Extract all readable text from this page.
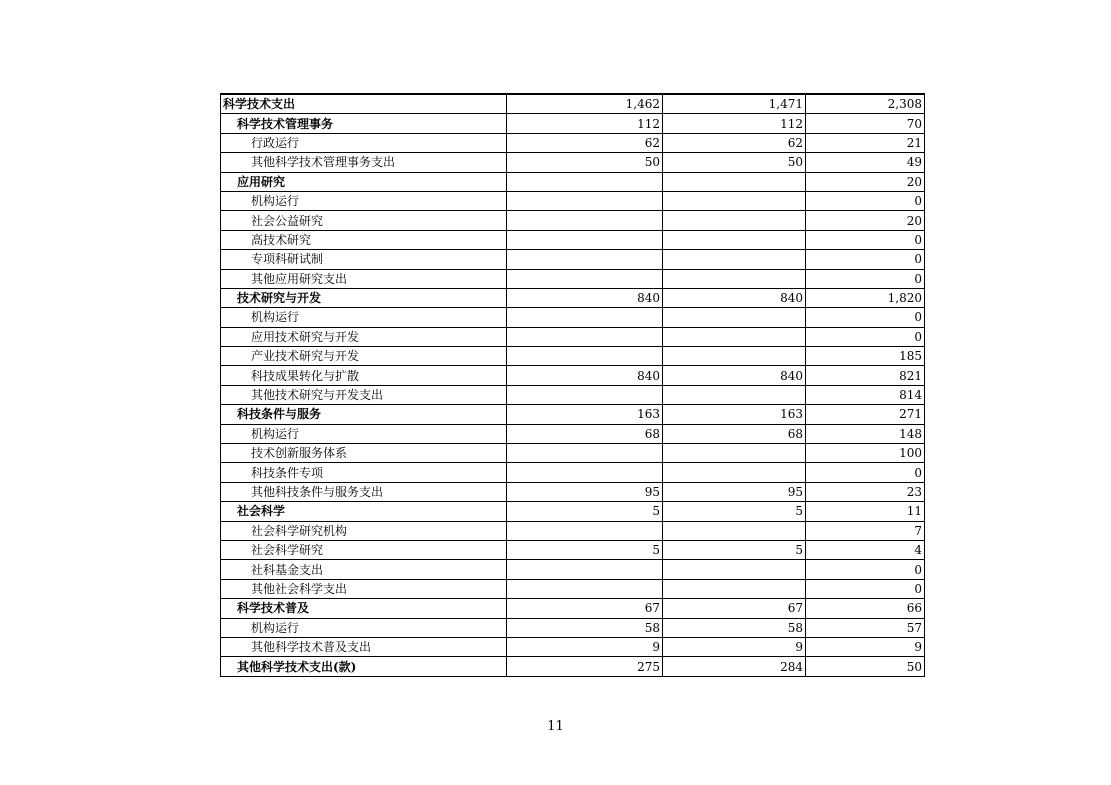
科学技术支出	1,462	1,471	2,308
科学技术管理事务	112	112	70
行政运行	62	62	21
其他科学技术管理事务支出	50	50	49
应用研究			20
机构运行			0
社会公益研究			20
高技术研究			0
专项科研试制			0
其他应用研究支出			0
技术研究与开发	840	840	1,820
机构运行			0
应用技术研究与开发			0
产业技术研究与开发			185
科技成果转化与扩散	840	840	821
其他技术研究与开发支出			814
科技条件与服务	163	163	271
机构运行	68	68	148
技术创新服务体系			100
科技条件专项			0
其他科技条件与服务支出	95	95	23
社会科学	5	5	11
社会科学研究机构			7
社会科学研究	5	5	4
社科基金支出			0
其他社会科学支出			0
科学技术普及	67	67	66
机构运行	58	58	57
其他科学技术普及支出	9	9	9
其他科学技术支出(款)	275	284	50
11
